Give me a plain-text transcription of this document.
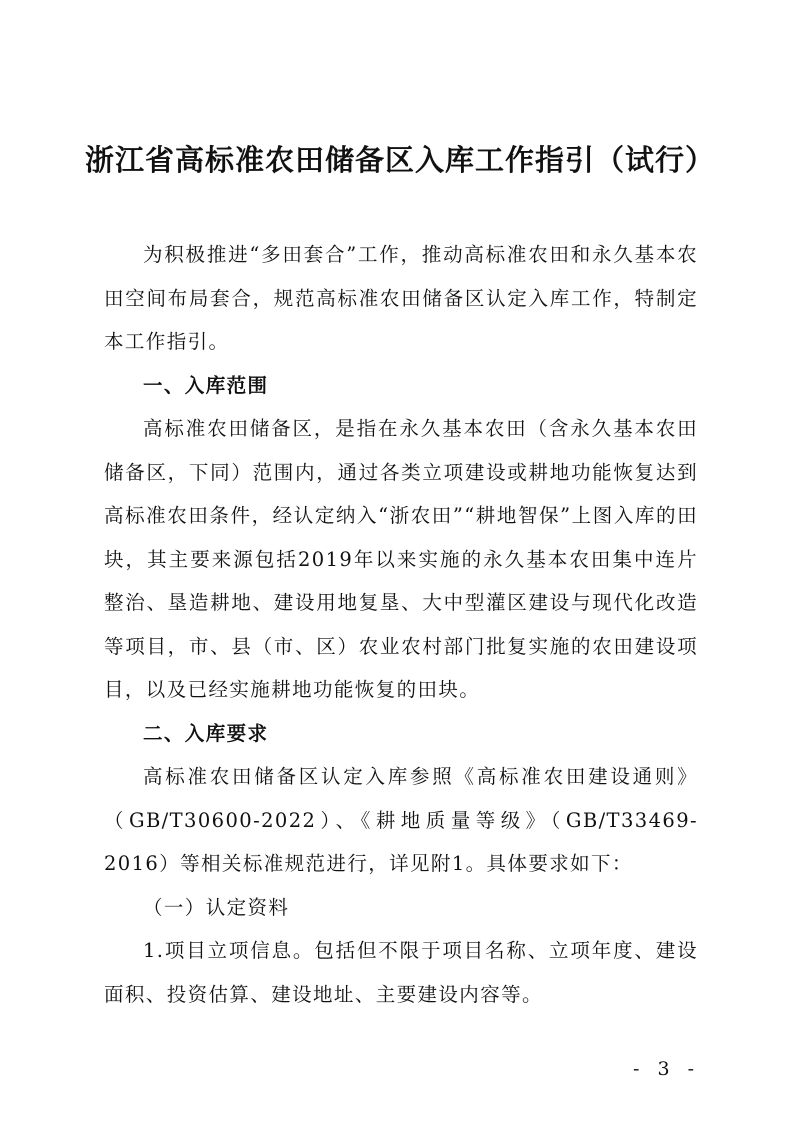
浙江省高标准农田储备区入库工作指引（试行）

为积极推进“多田套合”工作，推动高标准农田和永久基本农田空间布局套合，规范高标准农田储备区认定入库工作，特制定本工作指引。

一、入库范围

高标准农田储备区，是指在永久基本农田（含永久基本农田储备区，下同）范围内，通过各类立项建设或耕地功能恢复达到高标准农田条件，经认定纳入“浙农田”“耕地智保”上图入库的田块，其主要来源包括2019年以来实施的永久基本农田集中连片整治、垦造耕地、建设用地复垦、大中型灌区建设与现代化改造等项目，市、县（市、区）农业农村部门批复实施的农田建设项目，以及已经实施耕地功能恢复的田块。

二、入库要求

高标准农田储备区认定入库参照《高标准农田建设通则》（GB/T30600-2022）、《耕地质量等级》（GB/T33469-2016）等相关标准规范进行，详见附1。具体要求如下：

（一）认定资料

1.项目立项信息。包括但不限于项目名称、立项年度、建设面积、投资估算、建设地址、主要建设内容等。

- 3 -
